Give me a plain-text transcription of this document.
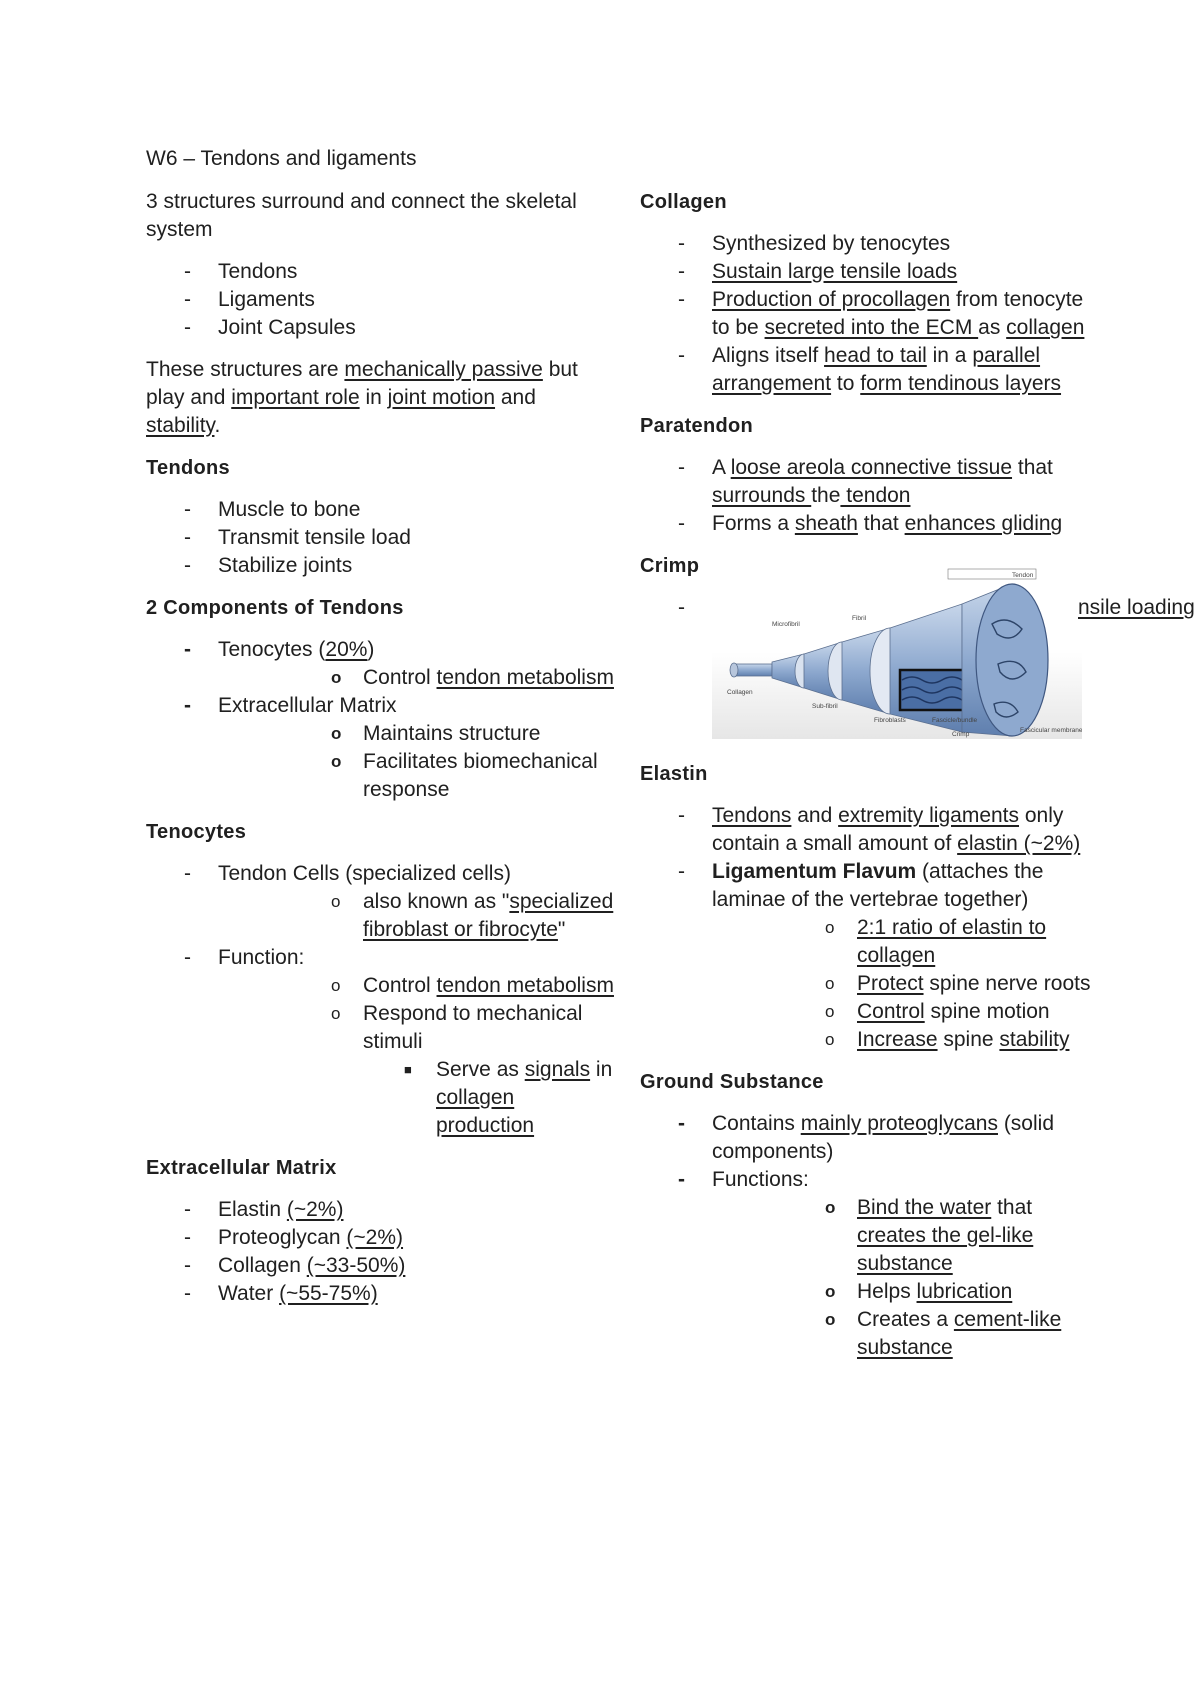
W6 – Tendons and ligaments

3 structures surround and connect the skeletal system

- Tendons
- Ligaments
- Joint Capsules

These structures are mechanically passive but play and important role in joint motion and stability.

Tendons
- Muscle to bone
- Transmit tensile load
- Stabilize joints
2 Components of Tendons
- Tenocytes (20%)
o Control tendon metabolism
- Extracellular Matrix
o Maintains structure
o Facilitates biomechanical response
Tenocytes
- Tendon Cells (specialized cells)
o also known as "specialized fibroblast or fibrocyte"
- Function:
o Control tendon metabolism
o Respond to mechanical stimuli
■ Serve as signals in collagen production
Extracellular Matrix
- Elastin (~2%)
- Proteoglycan (~2%)
- Collagen (~33-50%)
- Water (~55-75%)
Collagen
- Synthesized by tenocytes
- Sustain large tensile loads
- Production of procollagen from tenocyte to be secreted into the ECM as collagen
- Aligns itself head to tail in a parallel arrangement to form tendinous layers
Paratendon
- A loose areola connective tissue that surrounds the tendon
- Forms a sheath that enhances gliding
Crimp
-	nsile loading
Tendon
Microfibril
Fibril
Collagen
Sub-fibril
Fibroblasts	Fascicle/bundle
Crimp
Fascicular membrane
Elastin
- Tendons and extremity ligaments only contain a small amount of elastin (~2%)
- Ligamentum Flavum (attaches the laminae of the vertebrae together)
o 2:1 ratio of elastin to collagen
o Protect spine nerve roots
o Control spine motion
o Increase spine stability
Ground Substance
- Contains mainly proteoglycans (solid components)
- Functions:
o Bind the water that creates the gel-like substance
o Helps lubrication
o Creates a cement-like substance
